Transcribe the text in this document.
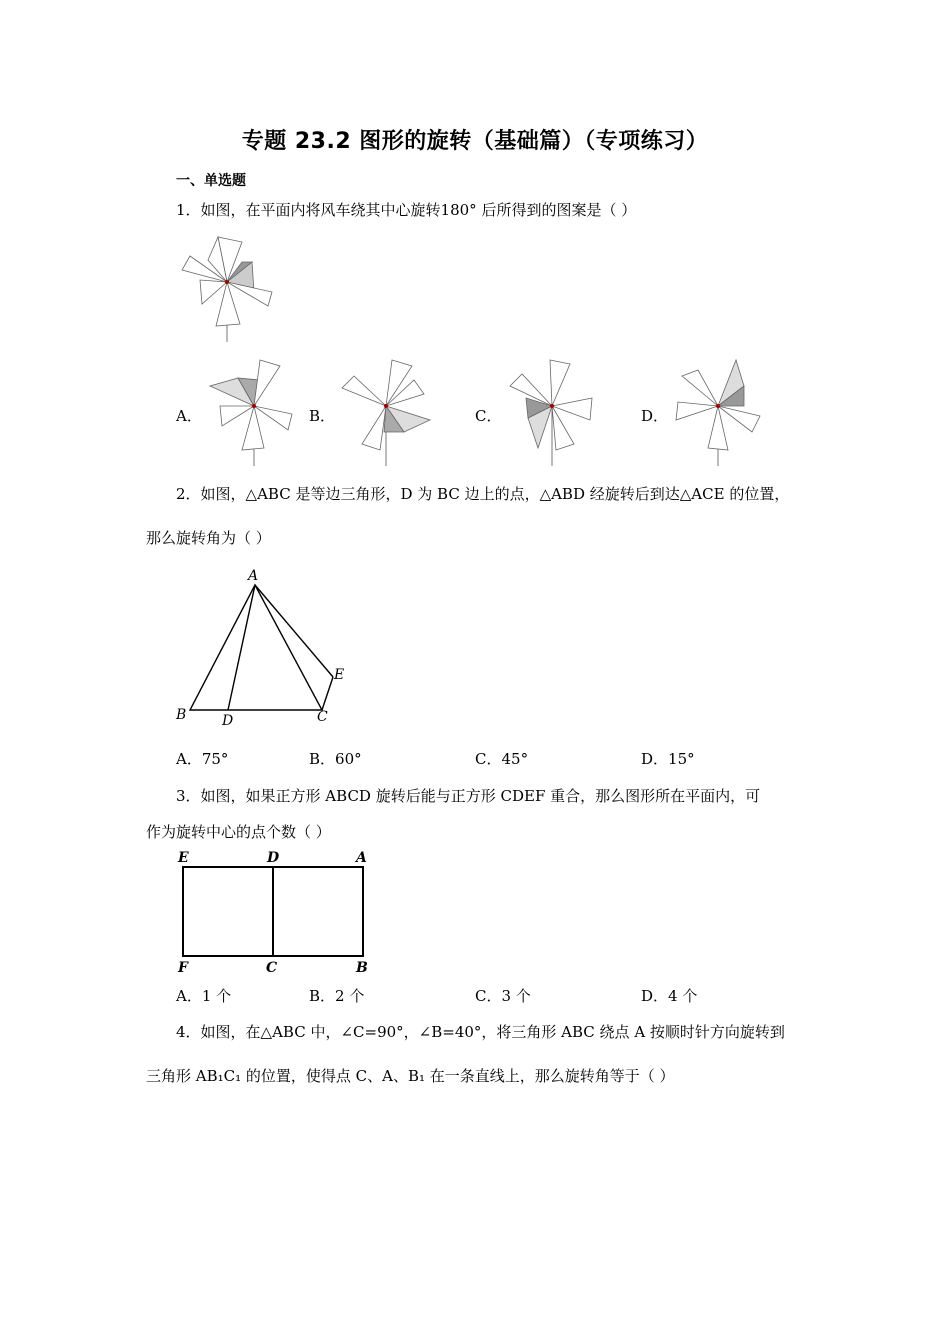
专题 23.2 图形的旋转（基础篇）（专项练习）
一、单选题
1．如图，在平面内将风车绕其中心旋转180° 后所得到的图案是（ ）
A．	B．	C．	D．
2．如图，△ABC 是等边三角形，D 为 BC 边上的点，△ABD 经旋转后到达△ACE 的位置，
那么旋转角为（ ）
A
B	C
D
E
A．75°	B．60°	C．45°	D．15°
3．如图，如果正方形 ABCD 旋转后能与正方形 CDEF 重合，那么图形所在平面内，可
作为旋转中心的点个数（ ）
E	D	A
F	C	B
A．1 个	B．2 个	C．3 个	D．4 个
4．如图，在△ABC 中，∠C=90°，∠B=40°，将三角形 ABC 绕点 A 按顺时针方向旋转到
三角形 AB₁C₁ 的位置，使得点 C、A、B₁ 在一条直线上，那么旋转角等于（ ）
